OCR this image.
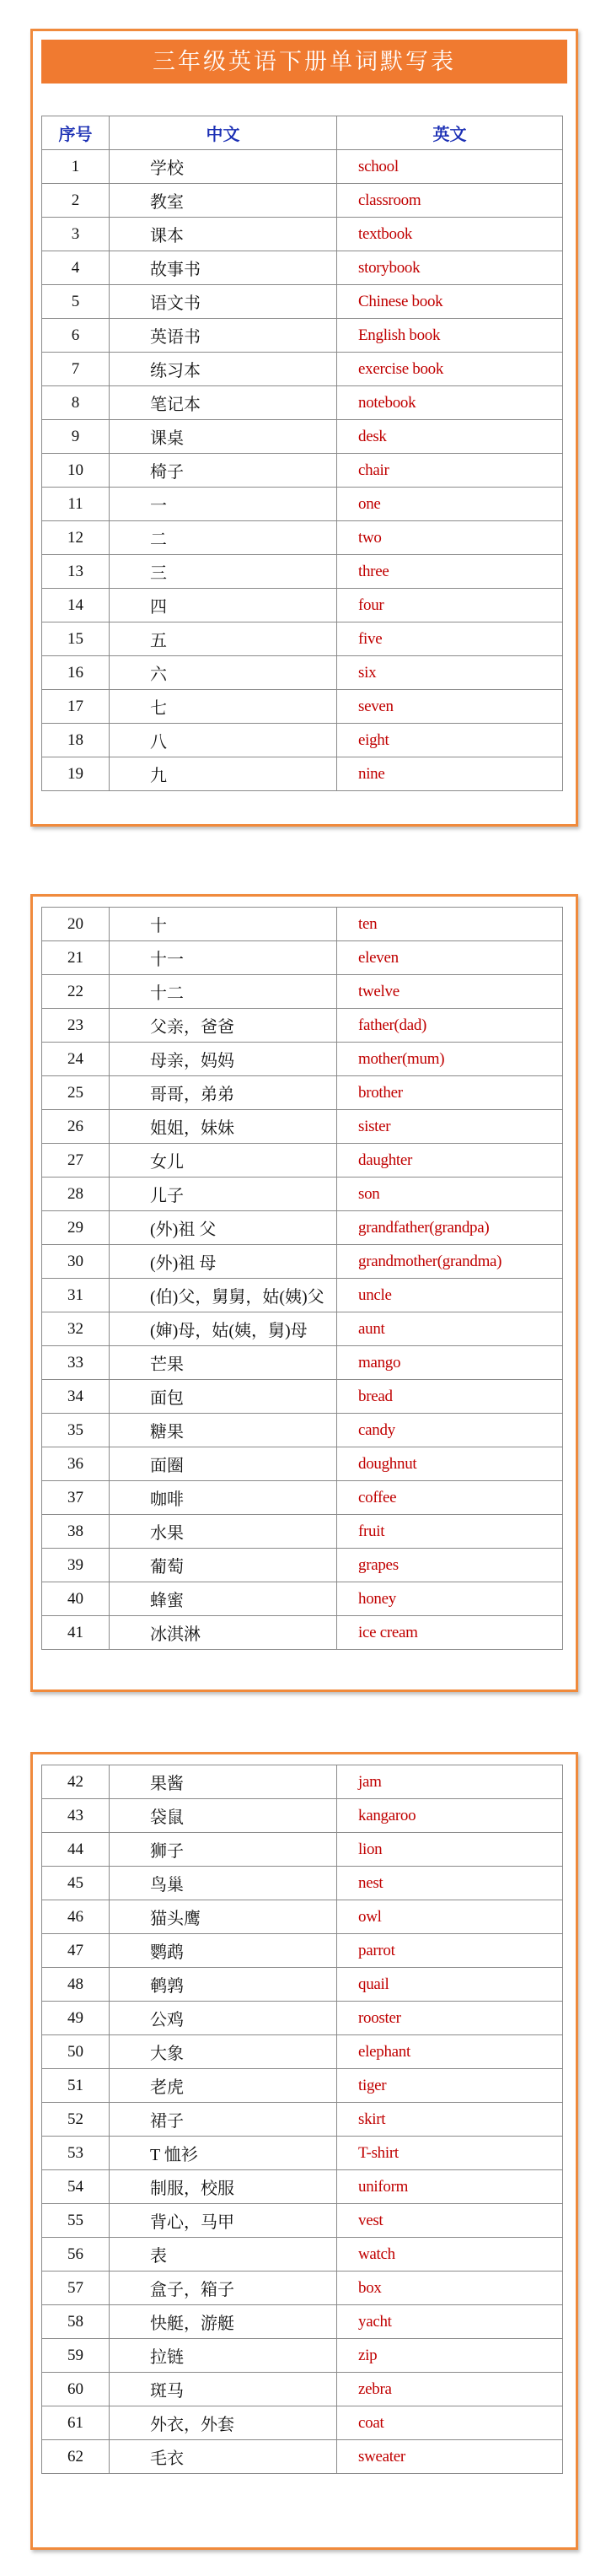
三年级英语下册单词默写表
序号	中文	英文
1	学校	school
2	教室	classroom
3	课本	textbook
4	故事书	storybook
5	语文书	Chinese book
6	英语书	English book
7	练习本	exercise book
8	笔记本	notebook
9	课桌	desk
10	椅子	chair
11	一	one
12	二	two
13	三	three
14	四	four
15	五	five
16	六	six
17	七	seven
18	八	eight
19	九	nine
20	十	ten
21	十一	eleven
22	十二	twelve
23	父亲，爸爸	father(dad)
24	母亲，妈妈	mother(mum)
25	哥哥，弟弟	brother
26	姐姐，妹妹	sister
27	女儿	daughter
28	儿子	son
29	(外)祖 父	grandfather(grandpa)
30	(外)祖 母	grandmother(grandma)
31	(伯)父，舅舅，姑(姨)父	uncle
32	(婶)母，姑(姨，舅)母	aunt
33	芒果	mango
34	面包	bread
35	糖果	candy
36	面圈	doughnut
37	咖啡	coffee
38	水果	fruit
39	葡萄	grapes
40	蜂蜜	honey
41	冰淇淋	ice cream
42	果酱	jam
43	袋鼠	kangaroo
44	狮子	lion
45	鸟巢	nest
46	猫头鹰	owl
47	鹦鹉	parrot
48	鹌鹑	quail
49	公鸡	rooster
50	大象	elephant
51	老虎	tiger
52	裙子	skirt
53	T 恤衫	T-shirt
54	制服，校服	uniform
55	背心，马甲	vest
56	表	watch
57	盒子，箱子	box
58	快艇，游艇	yacht
59	拉链	zip
60	斑马	zebra
61	外衣，外套	coat
62	毛衣	sweater
